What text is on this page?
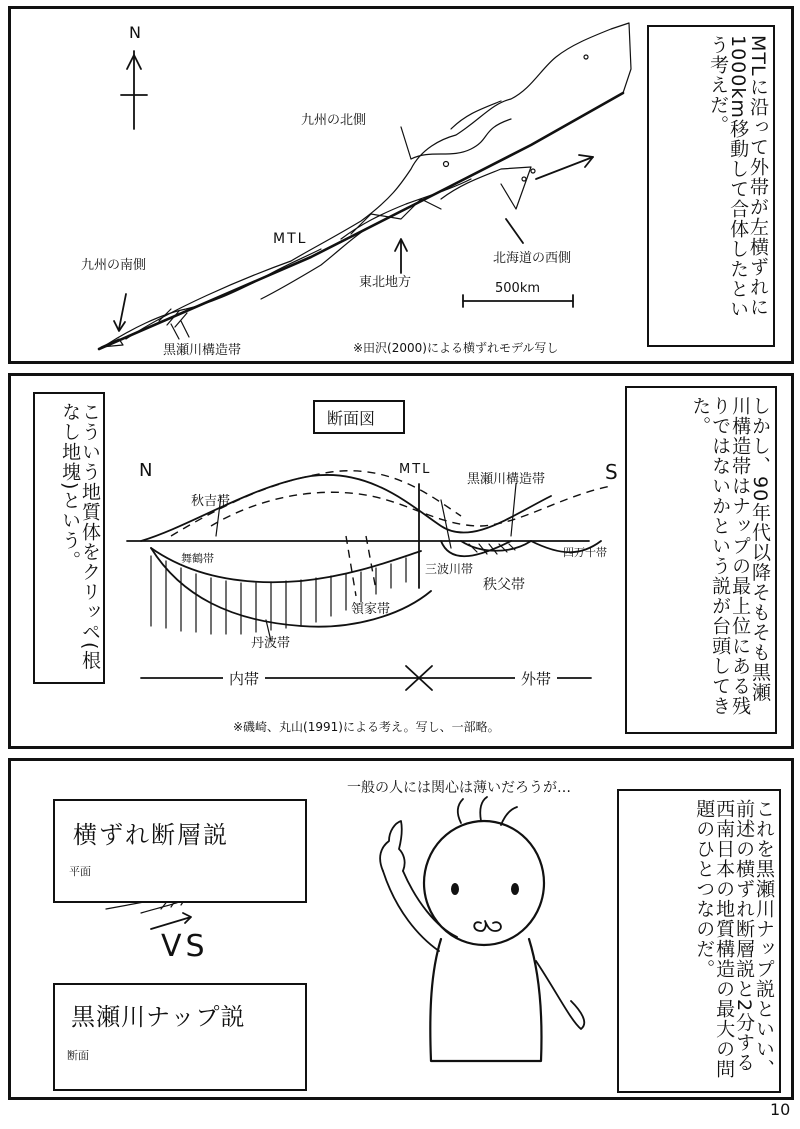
N
九州の北側
九州の南側
MTL
東北地方
北海道の西側
黒瀬川構造帯
500km
※田沢(2000)による横ずれモデル写し
MTLに沿って外帯が左横ずれに1000km移動して合体したという考えだ。
断面図
N	S
MTL
黒瀬川構造帯
秋吉帯
舞鶴帯	四万十帯
三波川帯
秩父帯
領家帯
丹波帯
内帯	外帯
※磯崎、丸山(1991)による考え。写し、一部略。
こういう地質体をクリッペ(根なし地塊)という。	しかし、90年代以降そもそも黒瀬川構造帯はナップの最上位にある残りではないかという説が台頭してきた。
一般の人には関心は薄いだろうが…
横ずれ断層説
平面
VS
黒瀬川ナップ説
断面	これを黒瀬川ナップ説といい、前述の横ずれ断層説と2分する西南日本の地質構造の最大の問題のひとつなのだ。
10
